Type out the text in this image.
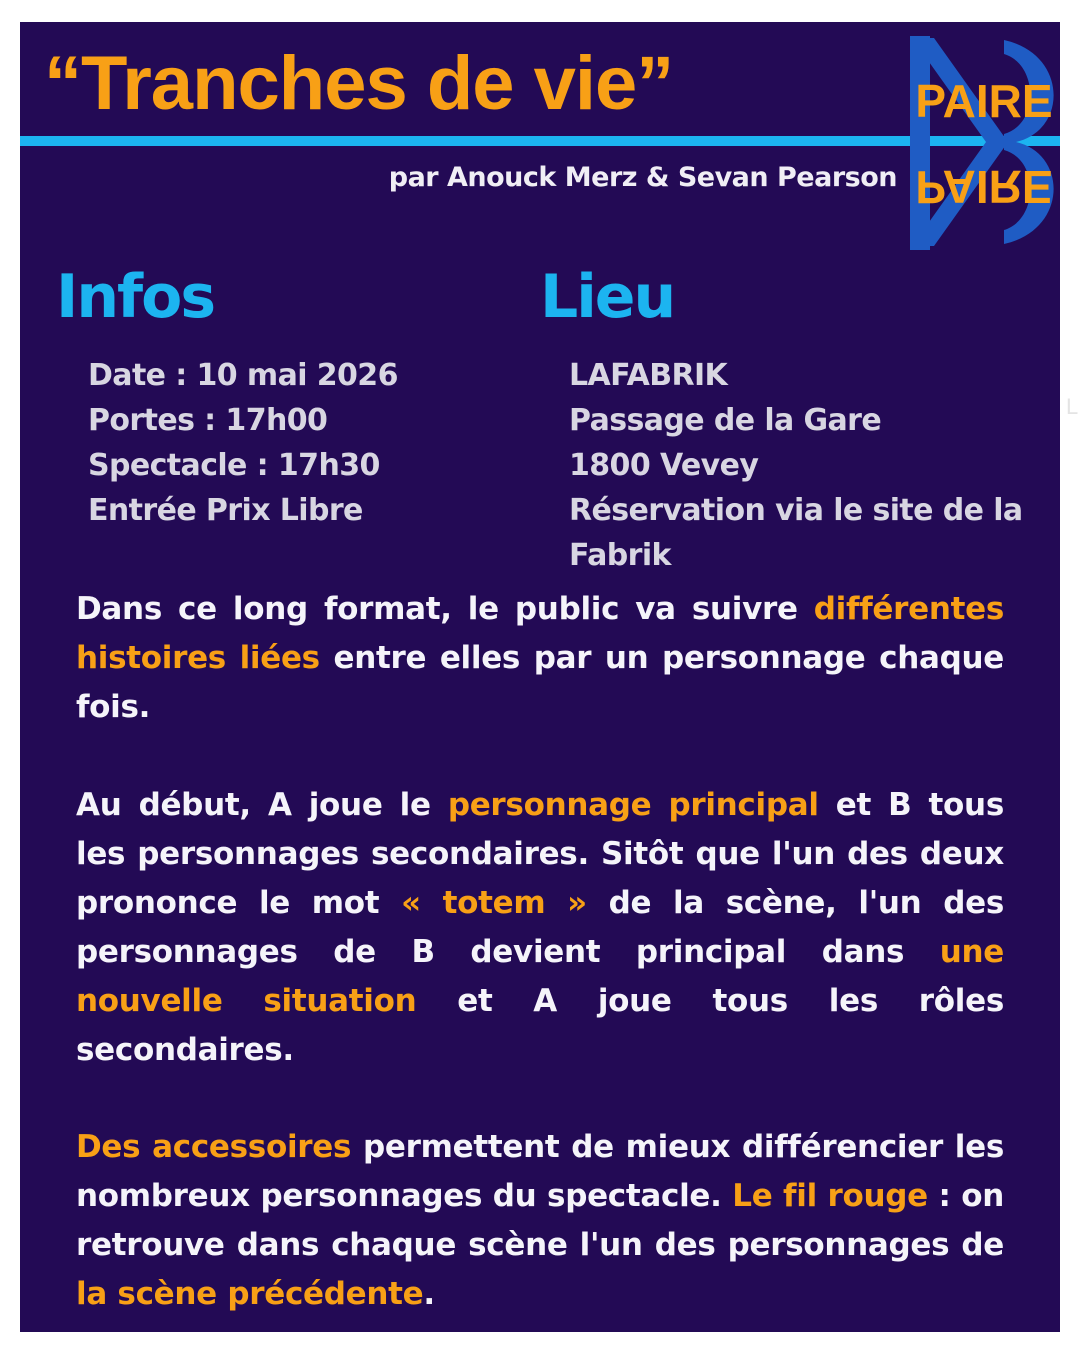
“Tranches de vie”

par Anouck Merz & Sevan Pearson

PAIRE
PAIRE
Infos
Date : 10 mai 2026
Portes : 17h00
Spectacle : 17h30
Entrée Prix Libre
Lieu
LAFABRIK
Passage de la Gare
1800 Vevey
Réservation via le site de la Fabrik

Dans ce long format, le public va suivre différentes histoires liées entre elles par un personnage chaque fois.

Au début, A joue le personnage principal et B tous les personnages secondaires. Sitôt que l'un des deux prononce le mot « totem » de la scène, l'un des personnages de B devient principal dans une nouvelle situation et A joue tous les rôles secondaires.

Des accessoires permettent de mieux différencier les nombreux personnages du spectacle. Le fil rouge : on retrouve dans chaque scène l'un des personnages de la scène précédente.

L
